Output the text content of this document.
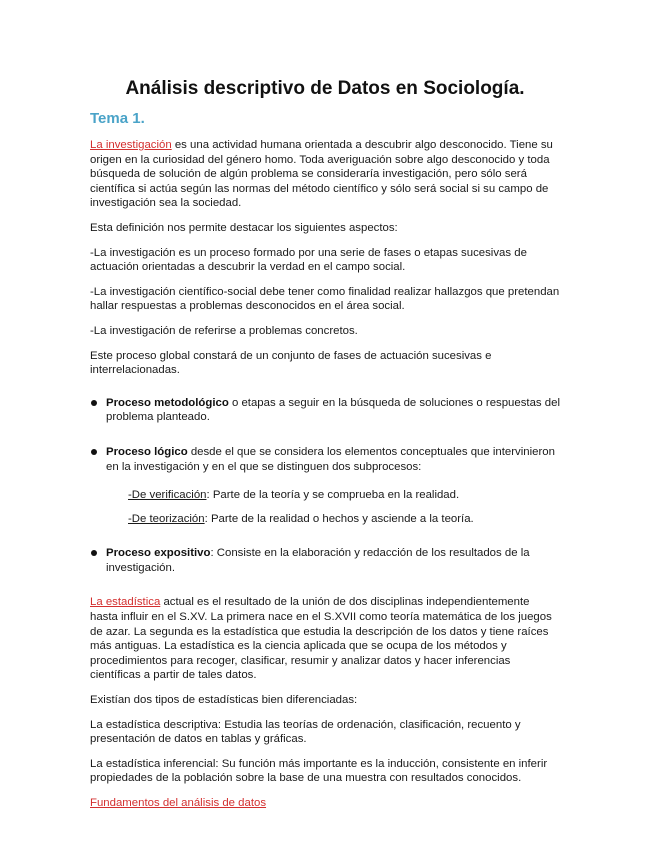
Análisis descriptivo de Datos en Sociología.
Tema 1.

La investigación es una actividad humana orientada a descubrir algo desconocido. Tiene su origen en la curiosidad del género homo. Toda averiguación sobre algo desconocido y toda búsqueda de solución de algún problema se consideraría investigación, pero sólo será científica si actúa según las normas del método científico y sólo será social si su campo de investigación sea la sociedad.

Esta definición nos permite destacar los siguientes aspectos:

-La investigación es un proceso formado por una serie de fases o etapas sucesivas de actuación orientadas a descubrir la verdad en el campo social.

-La investigación científico-social debe tener como finalidad realizar hallazgos que pretendan hallar respuestas a problemas desconocidos en el área social.

-La investigación de referirse a problemas concretos.

Este proceso global constará de un conjunto de fases de actuación sucesivas e interrelacionadas.

Proceso metodológico o etapas a seguir en la búsqueda de soluciones o respuestas del problema planteado.
Proceso lógico desde el que se considera los elementos conceptuales que intervinieron en la investigación y en el que se distinguen dos subprocesos:

-De verificación: Parte de la teoría y se comprueba en la realidad.

-De teorización: Parte de la realidad o hechos y asciende a la teoría.

Proceso expositivo: Consiste en la elaboración y redacción de los resultados de la investigación.

La estadística actual es el resultado de la unión de dos disciplinas independientemente hasta influir en el S.XV. La primera nace en el S.XVII como teoría matemática de los juegos de azar. La segunda es la estadística que estudia la descripción de los datos y tiene raíces más antiguas. La estadística es la ciencia aplicada que se ocupa de los métodos y procedimientos para recoger, clasificar, resumir y analizar datos y hacer inferencias científicas a partir de tales datos.

Existían dos tipos de estadísticas bien diferenciadas:

La estadística descriptiva: Estudia las teorías de ordenación, clasificación, recuento y presentación de datos en tablas y gráficas.

La estadística inferencial: Su función más importante es la inducción, consistente en inferir propiedades de la población sobre la base de una muestra con resultados conocidos.

Fundamentos del análisis de datos
